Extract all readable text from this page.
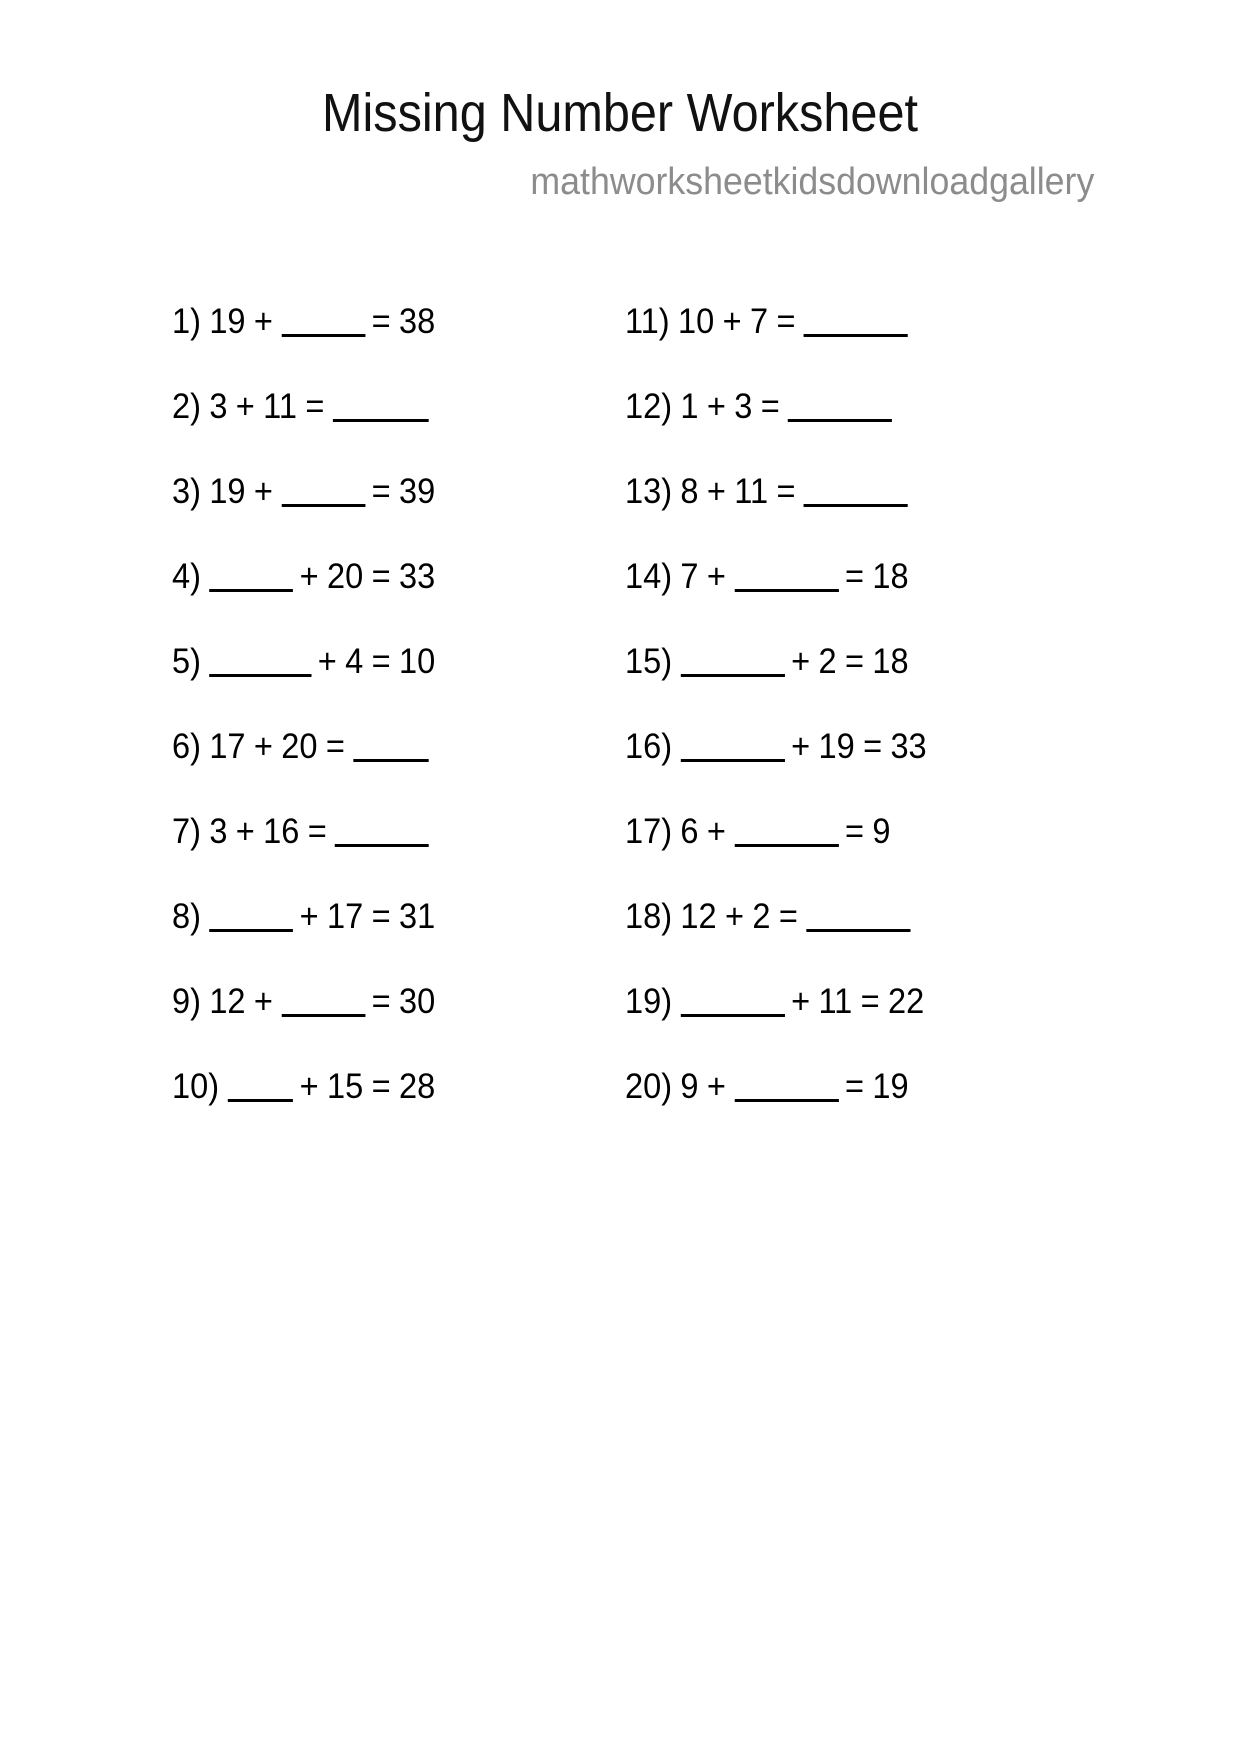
Missing Number Worksheet
mathworksheetkidsdownloadgallery
1) 19 +	= 38
2) 3 + 11 =
3) 19 +	= 39
4)	+ 20 = 33
5)	+ 4 = 10
6) 17 + 20 =
7) 3 + 16 =
8)	+ 17 = 31
9) 12 +	= 30
10) + 15 = 28
11) 10 + 7 =
12) 1 + 3 =
13) 8 + 11 =
14) 7 +	= 18
15)	+ 2 = 18
16)	+ 19 = 33
17) 6 +	= 9
18) 12 + 2 =
19)	+ 11 = 22
20) 9 +	= 19
